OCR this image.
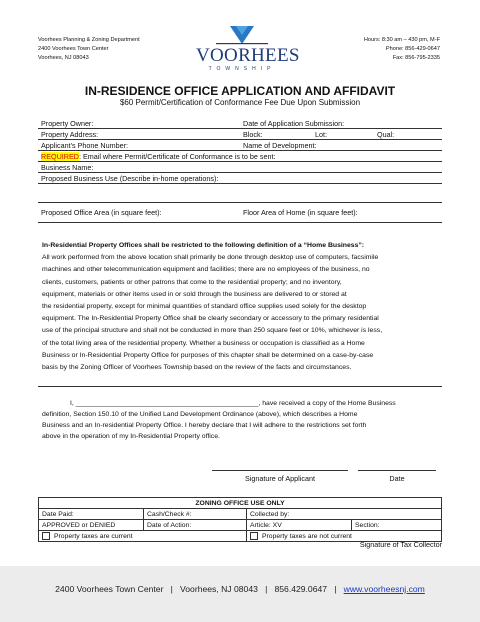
Voorhees Planning & Zoning Department
2400 Voorhees Town Center
Voorhees, NJ 08043	VOORHEES
TOWNSHIP
Hours: 8:30 am – 430 pm, M-F
Phone: 856-429-0647
Fax: 856-795-2335
IN-RESIDENCE OFFICE APPLICATION AND AFFIDAVIT
$60 Permit/Certification of Conformance Fee Due Upon Submission
Property Owner:	Date of Application Submission:		
Property Address:	Block:	Lot:	Qual:
Applicant’s Phone Number:	Name of Development:		
REQUIRED: Email where Permit/Certificate of Conformance is to be sent:			
Business Name:			
Proposed Business Use (Describe in-home operations):			

Proposed Office Area (in square feet):	Floor Area of Home (in square feet):		
In-Residential Property Offices shall be restricted to the following definition of a “Home Business”:
All work performed from the above location shall primarily be done through desktop use of computers, facsimile
machines and other telecommunication equipment and facilities; there are no employees of the business, no
clients, customers, patients or other patrons that come to the residential property; and no inventory,
equipment, materials or other items used in or sold through the business are delivered to or stored at
the residential property, except for minimal quantities of standard office supplies used solely for the desktop
equipment. The In-Residential Property Office shall be clearly secondary or accessory to the primary residential
use of the principal structure and shall not be conducted in more than 250 square feet or 10%, whichever is less,
of the total living area of the residential property. Whether a business or occupation is classified as a Home
Business or In-Residential Property Office for purposes of this chapter shall be determined on a case-by-case
basis by the Zoning Officer of Voorhees Township based on the review of the facts and circumstances.
I, ________________________________________________, have received a copy of the Home Business
definition, Section 150.10 of the Unified Land Development Ordinance (above), which describes a Home
Business and an In-residential Property Office. I hereby declare that I will adhere to the restrictions set forth
above in the operation of my In-Residential Property office.
Signature of Applicant	Date
ZONING OFFICE USE ONLY			
Date Paid:	Cash/Check #:	Collected by:	
APPROVED or DENIED	Date of Action:	Article: XV	Section:
Property taxes are current		Property taxes are not current	
Signature of Tax Collector
2400 Voorhees Town Center | Voorhees, NJ 08043 | 856.429.0647 | www.voorheesnj.com
